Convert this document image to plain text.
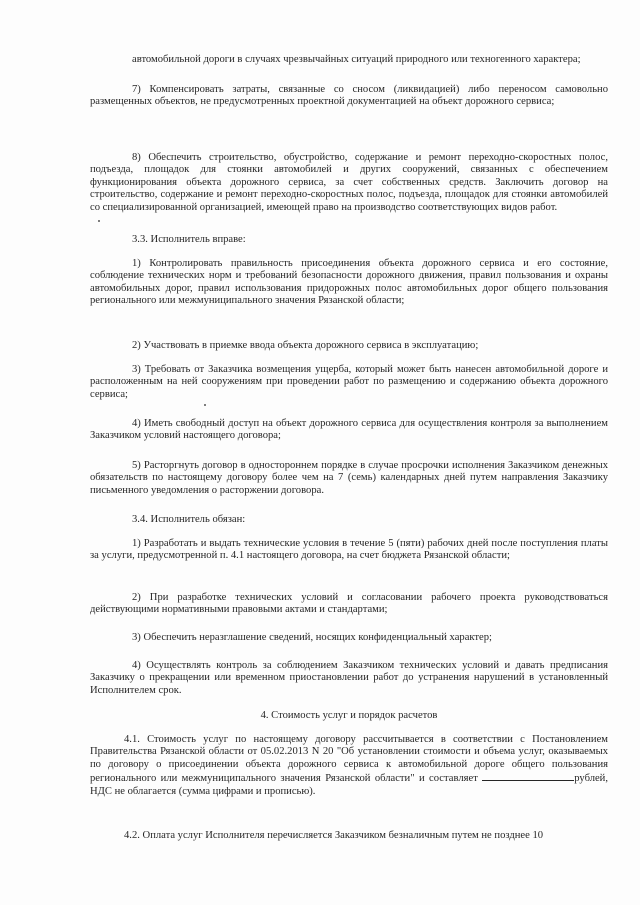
автомобильной дороги в случаях чрезвычайных ситуаций природного или техногенного характера;

7) Компенсировать затраты, связанные со сносом (ликвидацией) либо переносом самовольно размещенных объектов, не предусмотренных проектной документацией на объект дорожного сервиса;

8) Обеспечить строительство, обустройство, содержание и ремонт переходно-скоростных полос, подъезда, площадок для стоянки автомобилей и других сооружений, связанных с обеспечением функционирования объекта дорожного сервиса, за счет собственных средств. Заключить договор на строительство, содержание и ремонт переходно-скоростных полос, подъезда, площадок для стоянки автомобилей со специализированной организацией, имеющей право на производство соответствующих видов работ.

3.3. Исполнитель вправе:

1) Контролировать правильность присоединения объекта дорожного сервиса и его состояние, соблюдение технических норм и требований безопасности дорожного движения, правил пользования и охраны автомобильных дорог, правил использования придорожных полос автомобильных дорог общего пользования регионального или межмуниципального значения Рязанской области;

2) Участвовать в приемке ввода объекта дорожного сервиса в эксплуатацию;

3) Требовать от Заказчика возмещения ущерба, который может быть нанесен автомобильной дороге и расположенным на ней сооружениям при проведении работ по размещению и содержанию объекта дорожного сервиса;

4) Иметь свободный доступ на объект дорожного сервиса для осуществления контроля за выполнением Заказчиком условий настоящего договора;

5) Расторгнуть договор в одностороннем порядке в случае просрочки исполнения Заказчиком денежных обязательств по настоящему договору более чем на 7 (семь) календарных дней путем направления Заказчику письменного уведомления о расторжении договора.

3.4. Исполнитель обязан:

1) Разработать и выдать технические условия в течение 5 (пяти) рабочих дней после поступления платы за услуги, предусмотренной п. 4.1 настоящего договора, на счет бюджета Рязанской области;

2) При разработке технических условий и согласовании рабочего проекта руководствоваться действующими нормативными правовыми актами и стандартами;

3) Обеспечить неразглашение сведений, носящих конфиденциальный характер;

4) Осуществлять контроль за соблюдением Заказчиком технических условий и давать предписания Заказчику о прекращении или временном приостановлении работ до устранения нарушений в установленный Исполнителем срок.

4. Стоимость услуг и порядок расчетов

4.1. Стоимость услуг по настоящему договору рассчитывается в соответствии с Постановлением Правительства Рязанской области от 05.02.2013 N 20 "Об установлении стоимости и объема услуг, оказываемых по договору о присоединении объекта дорожного сервиса к автомобильной дороге общего пользования регионального или межмуниципального значения Рязанской области" и составляет	рублей, НДС не облагается (сумма цифрами и прописью).

4.2. Оплата услуг Исполнителя перечисляется Заказчиком безналичным путем не позднее 10
